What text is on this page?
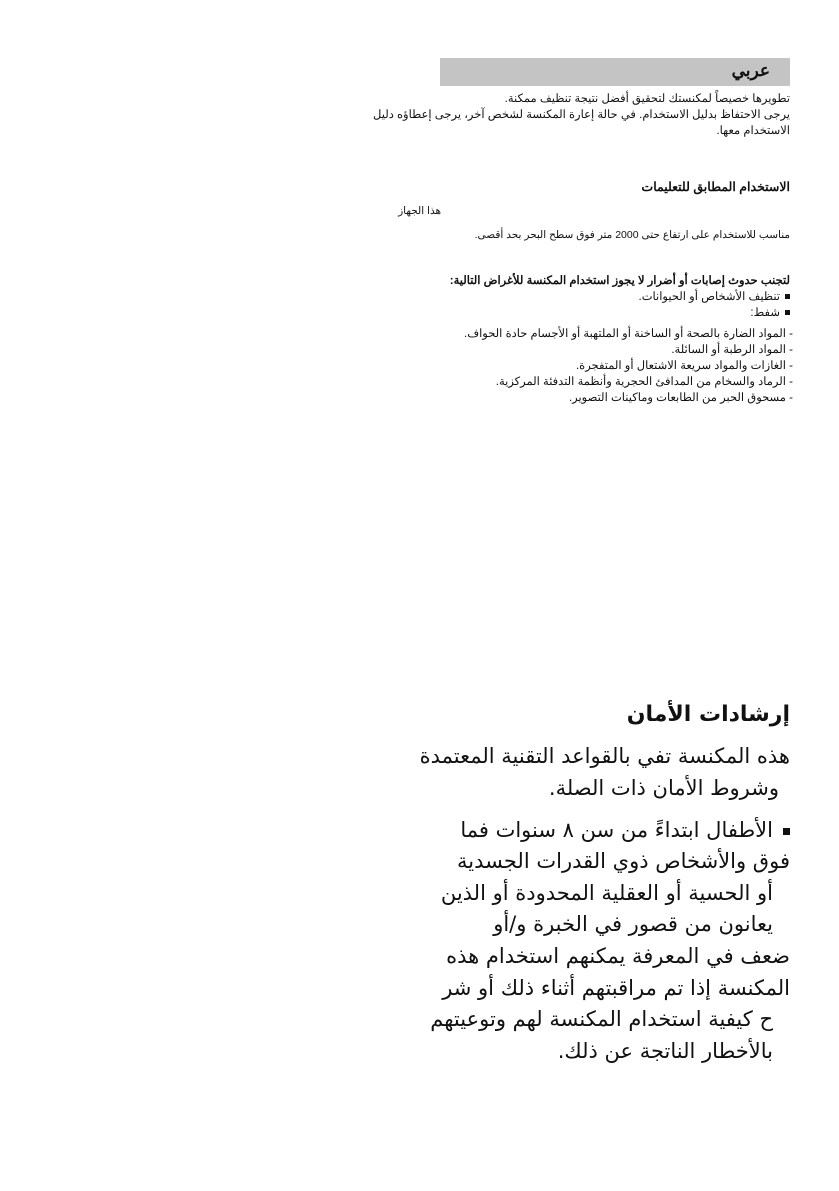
عربي
تطويرها خصيصاً لمكنستك لتحقيق أفضل نتيجة تنظيف ممكنة.
يرجى الاحتفاظ بدليل الاستخدام. في حالة إعارة المكنسة لشخص آخر، يرجى إعطاؤه دليل
الاستخدام معها.
الاستخدام المطابق للتعليمات
هذا الجهاز
مناسب للاستخدام على ارتفاع حتى 2000 متر فوق سطح البحر بحد أقصى.
لتجنب حدوث إصابات أو أضرار لا يجوز استخدام المكنسة للأغراض التالية:
تنظيف الأشخاص أو الحيوانات.
شفط:
- المواد الضارة بالصحة أو الساخنة أو الملتهبة أو الأجسام حادة الحواف.
- المواد الرطبة أو السائلة.
- الغازات والمواد سريعة الاشتعال أو المتفجرة.
- الرماد والسخام من المدافئ الحجرية وأنظمة التدفئة المركزية.
- مسحوق الحبر من الطابعات وماكينات التصوير.
إرشادات الأمان
هذه المكنسة تفي بالقواعد التقنية المعتمدة
وشروط الأمان ذات الصلة.
الأطفال ابتداءً من سن ٨ سنوات فما
فوق والأشخاص ذوي القدرات الجسدية
أو الحسية أو العقلية المحدودة أو الذين
يعانون من قصور في الخبرة و/أو
ضعف في المعرفة يمكنهم استخدام هذه
المكنسة إذا تم مراقبتهم أثناء ذلك أو شر
ح كيفية استخدام المكنسة لهم وتوعيتهم
بالأخطار الناتجة عن ذلك.
